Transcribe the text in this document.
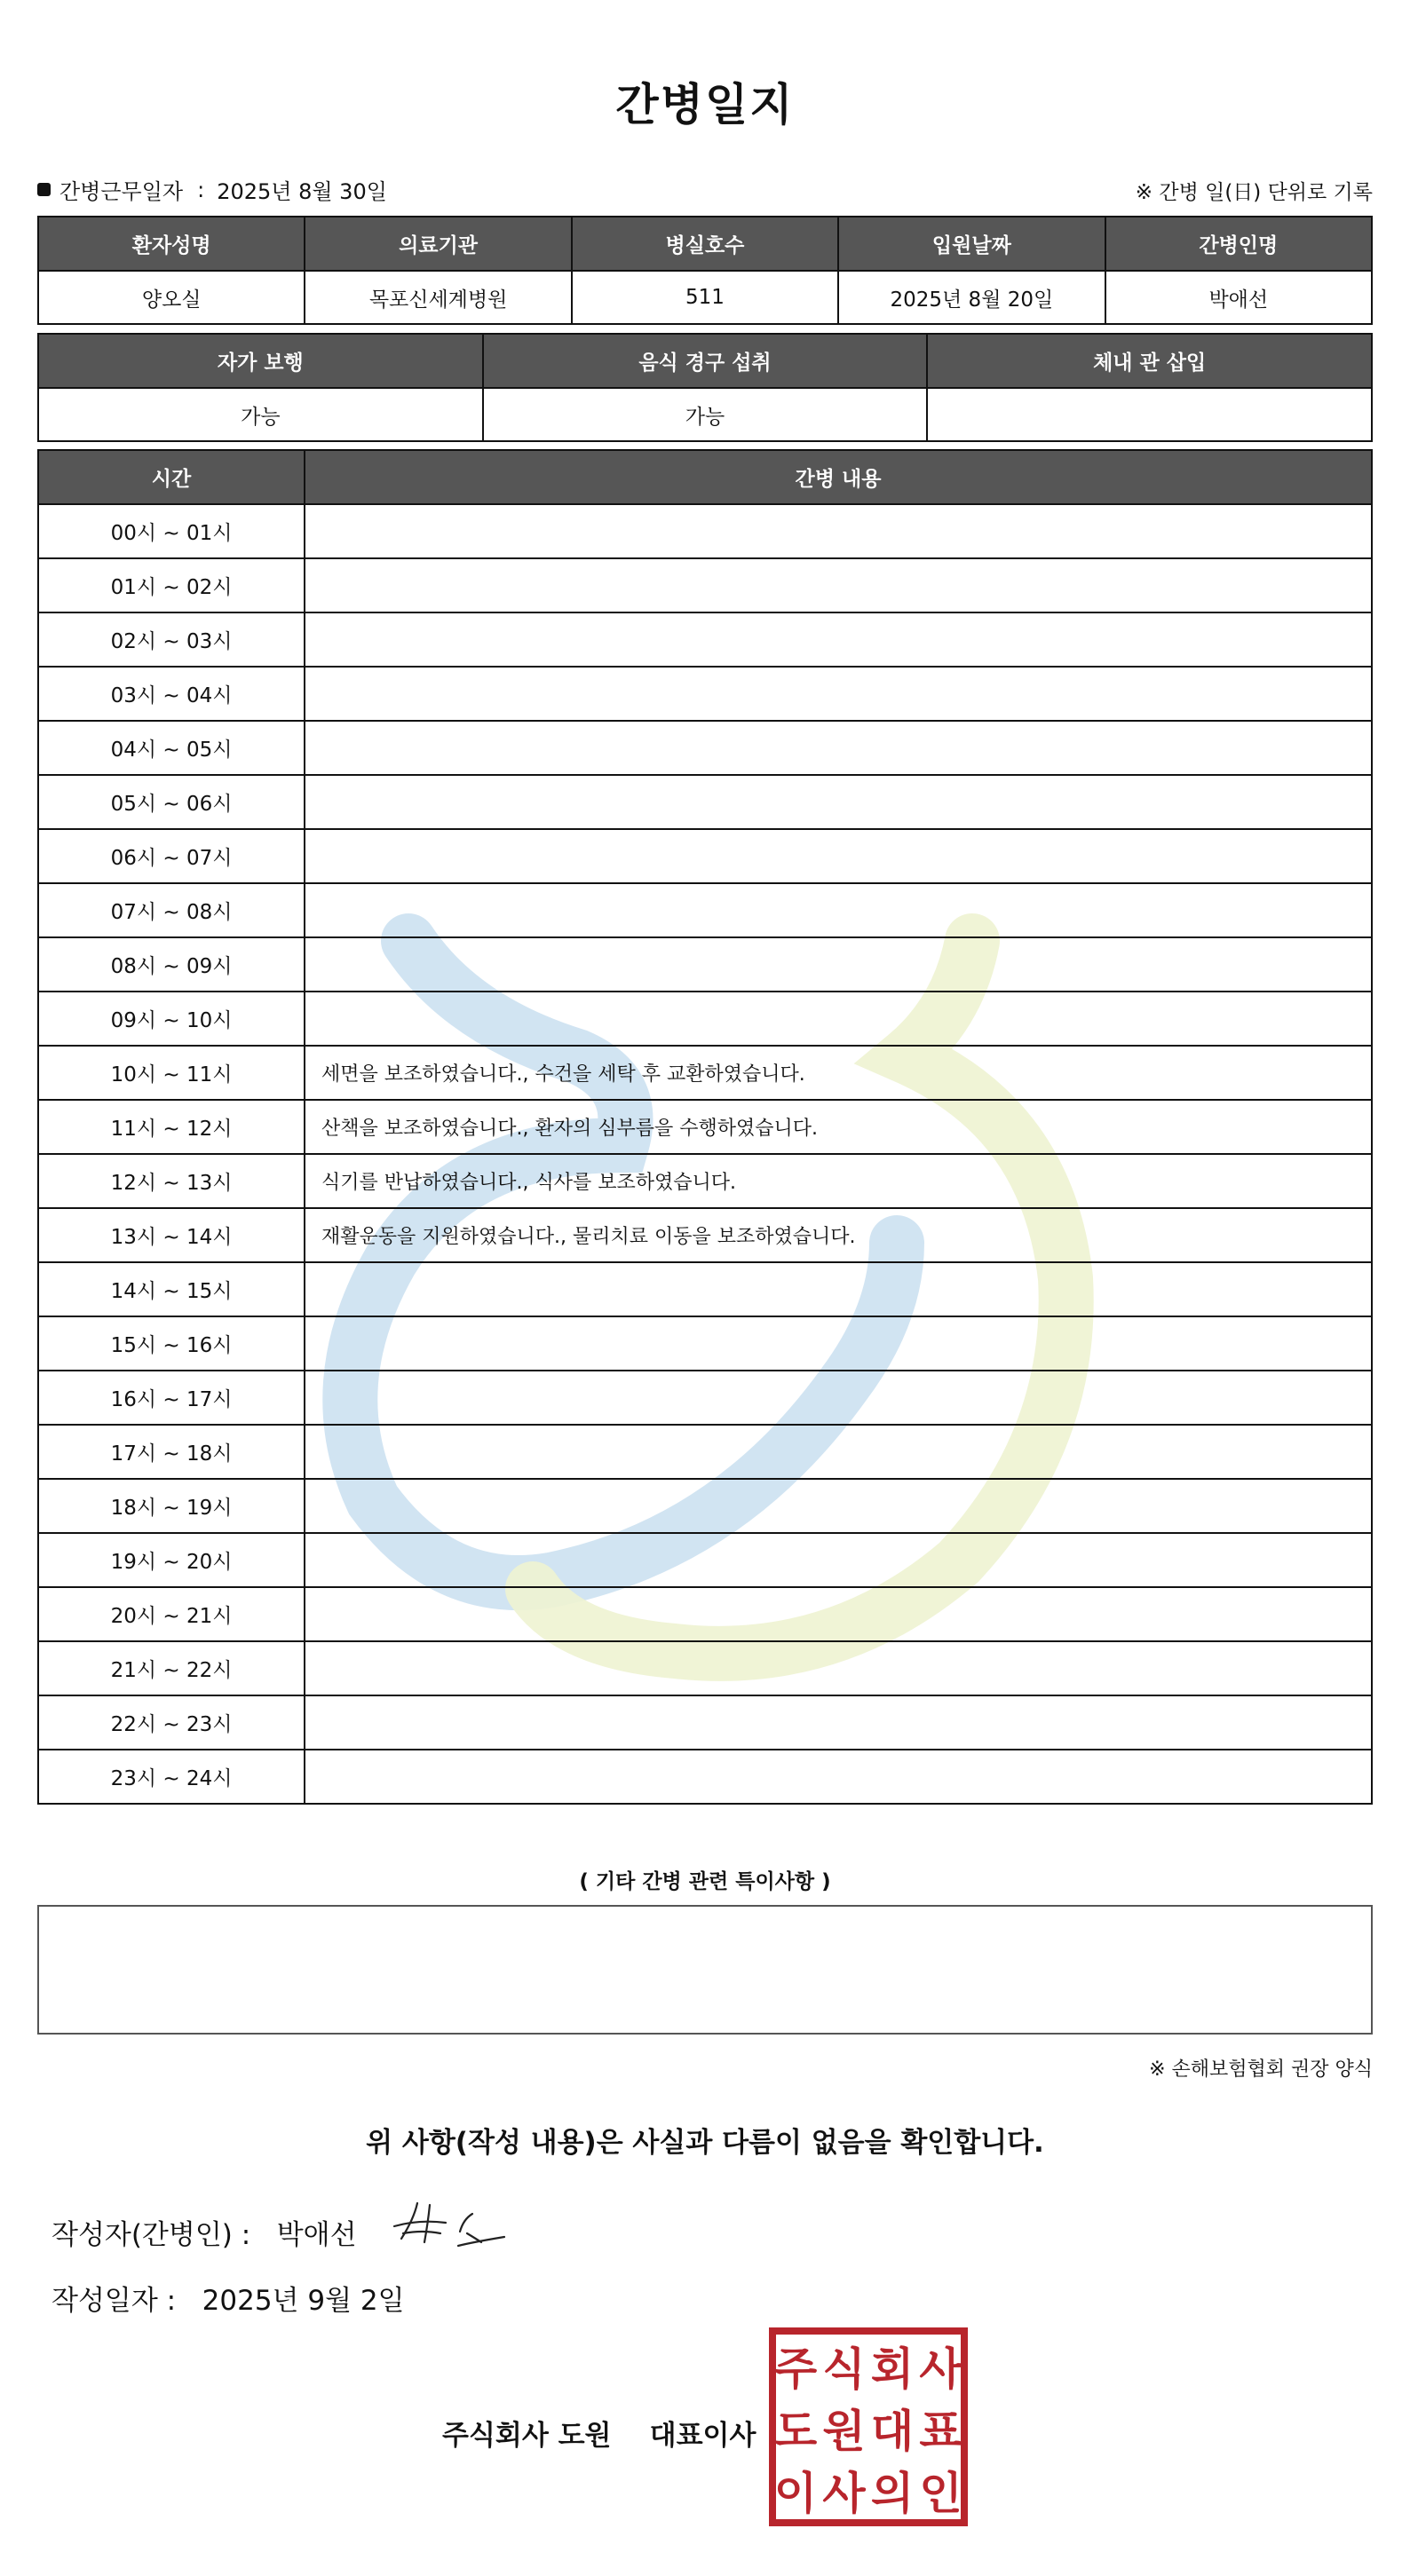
간병일지
간병근무일자 : 2025년 8월 30일	※ 간병 일(日) 단위로 기록
환자성명	의료기관	병실호수	입원날짜	간병인명
양오실	목포신세계병원	511	2025년 8월 20일	박애선
자가 보행	음식 경구 섭취	체내 관 삽입
가능	가능	
시간	간병 내용
00시 ~ 01시	
01시 ~ 02시	
02시 ~ 03시	
03시 ~ 04시	
04시 ~ 05시	
05시 ~ 06시	
06시 ~ 07시	
07시 ~ 08시	
08시 ~ 09시	
09시 ~ 10시	
10시 ~ 11시	세면을 보조하였습니다., 수건을 세탁 후 교환하였습니다.
11시 ~ 12시	산책을 보조하였습니다., 환자의 심부름을 수행하였습니다.
12시 ~ 13시	식기를 반납하였습니다., 식사를 보조하였습니다.
13시 ~ 14시	재활운동을 지원하였습니다., 물리치료 이동을 보조하였습니다.
14시 ~ 15시	
15시 ~ 16시	
16시 ~ 17시	
17시 ~ 18시	
18시 ~ 19시	
19시 ~ 20시	
20시 ~ 21시	
21시 ~ 22시	
22시 ~ 23시	
23시 ~ 24시	
( 기타 간병 관련 특이사항 )
※ 손해보험협회 권장 양식
위 사항(작성 내용)은 사실과 다름이 없음을 확인합니다.
작성자(간병인) : 박애선
작성일자 : 2025년 9월 2일
주식회사 도원 대표이사
주 식 회 사
도 원 대 표
이 사 의 인
